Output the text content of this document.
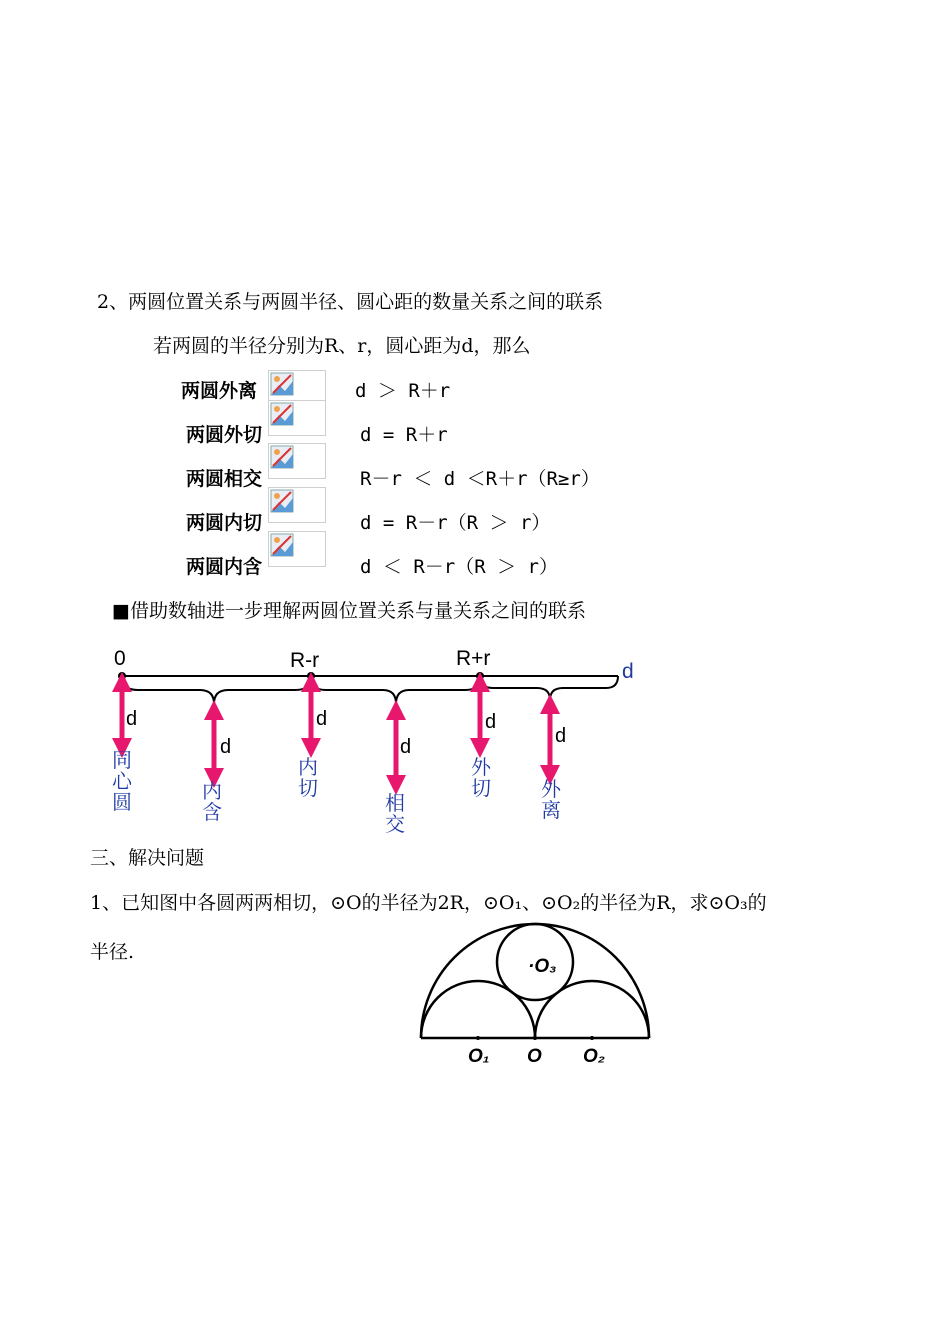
2、两圆位置关系与两圆半径、圆心距的数量关系之间的联系
若两圆的半径分别为R、r，圆心距为d，那么
两圆外离	d ＞ R＋r
两圆外切	d = R＋r
两圆相交	R－r ＜ d ＜R＋r（R≥r）
两圆内切	d = R－r（R ＞ r）
两圆内含	d ＜ R－r（R ＞ r）
■借助数轴进一步理解两圆位置关系与量关系之间的联系
0	R-r	R+r
d
d
d
d
d
d
d
同
心
圆	内
含
内
切
相
交
外
切	外
离
三、解决问题
1、已知图中各圆两两相切，⊙O的半径为2R，⊙O₁、⊙O₂的半径为R，求⊙O₃的
半径.
·O₃
O₁ O O₂
